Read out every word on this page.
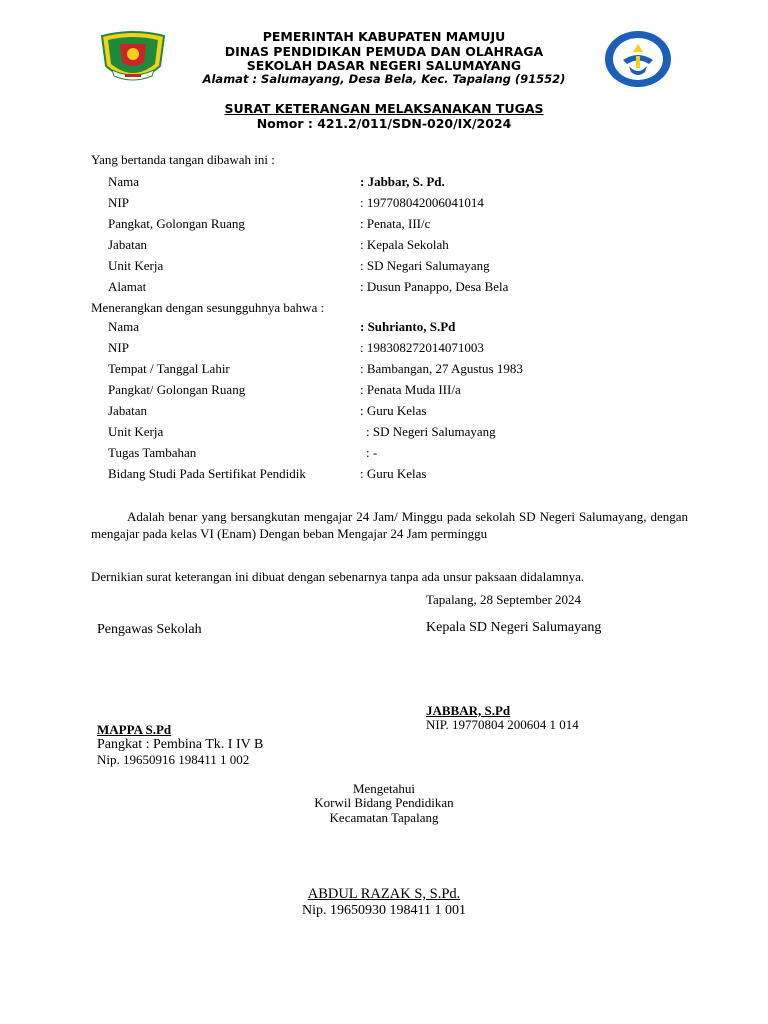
PEMERINTAH KABUPATEN MAMUJU
DINAS PENDIDIKAN PEMUDA DAN OLAHRAGA
SEKOLAH DASAR NEGERI SALUMAYANG
Alamat : Salumayang, Desa Bela, Kec. Tapalang (91552)
SURAT KETERANGAN MELAKSANAKAN TUGAS
Nomor : 421.2/011/SDN-020/IX/2024
Yang bertanda tangan dibawah ini :
Nama	: Jabbar, S. Pd.
NIP	: 197708042006041014
Pangkat, Golongan Ruang	: Penata, III/c
Jabatan	: Kepala Sekolah
Unit Kerja	: SD Negari Salumayang
Alamat	: Dusun Panappo, Desa Bela
Menerangkan dengan sesungguhnya bahwa :
Nama	: Suhrianto, S.Pd
NIP	: 198308272014071003
Tempat / Tanggal Lahir	: Bambangan, 27 Agustus 1983
Pangkat/ Golongan Ruang	: Penata Muda III/a
Jabatan	: Guru Kelas
Unit Kerja	: SD Negeri Salumayang
Tugas Tambahan	: -
Bidang Studi Pada Sertifikat Pendidik	: Guru Kelas
Adalah benar yang bersangkutan mengajar 24 Jam/ Minggu pada sekolah SD Negeri Salumayang, dengan mengajar pada kelas VI (Enam) Dengan beban Mengajar 24 Jam perminggu
Dernikian surat keterangan ini dibuat dengan sebenarnya tanpa ada unsur paksaan didalamnya.
Tapalang, 28 September 2024
Pengawas Sekolah	Kepala SD Negeri Salumayang
JABBAR, S.Pd
NIP. 19770804 200604 1 014
MAPPA S.Pd
Pangkat : Pembina Tk. I IV B
Nip. 19650916 198411 1 002
Mengetahui
Korwil Bidang Pendidikan
Kecamatan Tapalang
ABDUL RAZAK S, S.Pd.
Nip. 19650930 198411 1 001
